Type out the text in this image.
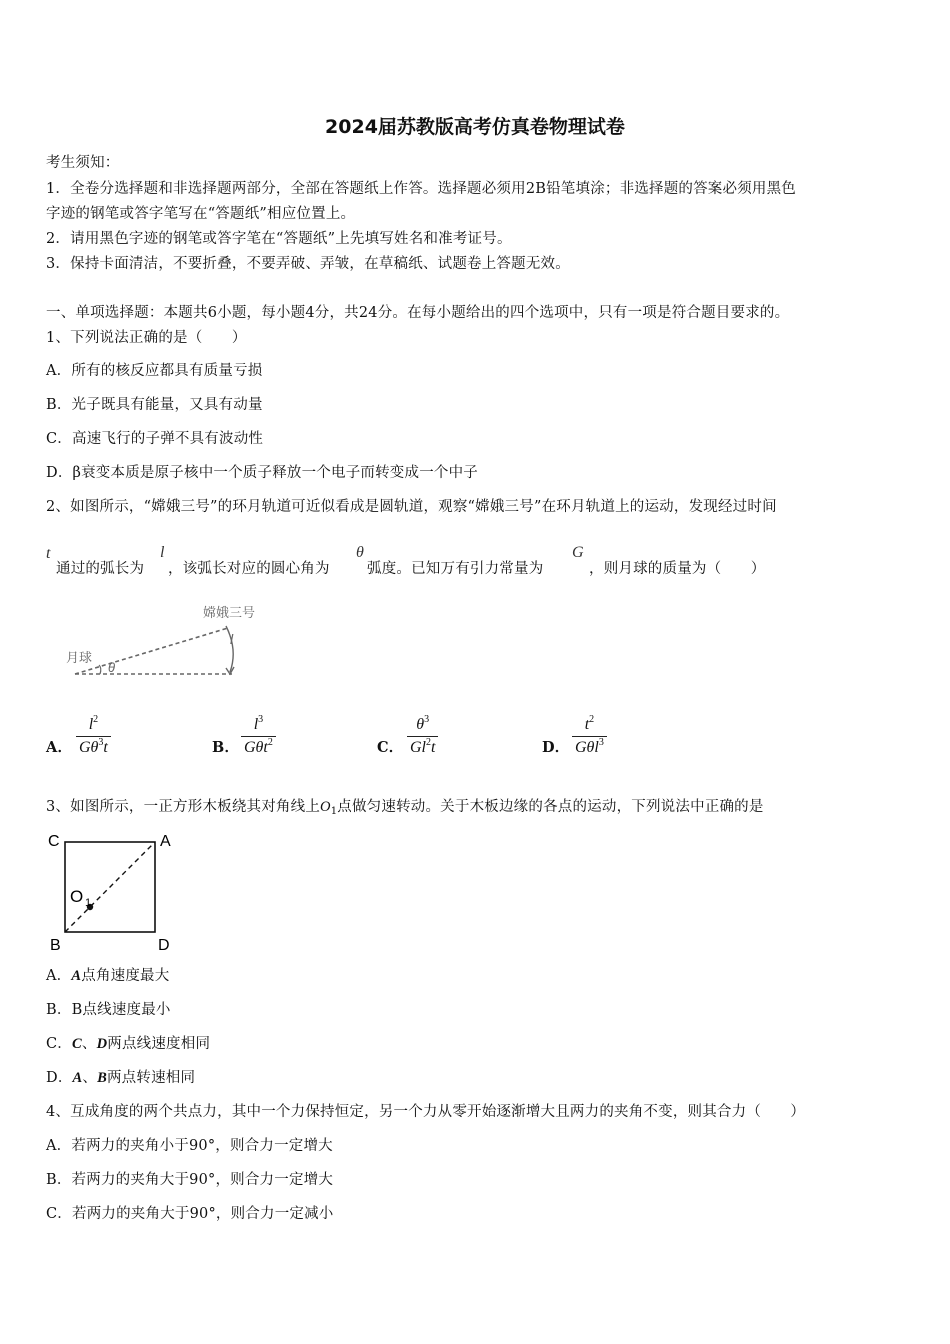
2024届苏教版高考仿真卷物理试卷
考生须知：
1．全卷分选择题和非选择题两部分，全部在答题纸上作答。选择题必须用2B铅笔填涂；非选择题的答案必须用黑色
字迹的钢笔或答字笔写在“答题纸”相应位置上。
2．请用黑色字迹的钢笔或答字笔在“答题纸”上先填写姓名和准考证号。
3．保持卡面清洁，不要折叠，不要弄破、弄皱，在草稿纸、试题卷上答题无效。
一、单项选择题：本题共6小题，每小题4分，共24分。在每小题给出的四个选项中，只有一项是符合题目要求的。
1、下列说法正确的是（　　）
A．所有的核反应都具有质量亏损
B．光子既具有能量，又具有动量
C．高速飞行的子弹不具有波动性
D．β衰变本质是原子核中一个质子释放一个电子而转变成一个中子
2、如图所示，“嫦娥三号”的环月轨道可近似看成是圆轨道，观察“嫦娥三号”在环月轨道上的运动，发现经过时间
t
通过的弧长为
l
，该弧长对应的圆心角为
θ
弧度。已知万有引力常量为
G
，则月球的质量为（　　）
月球
嫦娥三号
θ
l
A． $\frac{l^2}{G\theta^3t}$	B．
$l^3$
Gθt$^2$	C． $\frac{\theta^3}{Gl^2t}$	D．
$t^2$
Gθl$^3$
3、如图所示，一正方形木板绕其对角线上$O_1$点做匀速转动。关于木板边缘的各点的运动，下列说法中正确的是
C	A
B	D
O 1
A．A点角速度最大
B．B点线速度最小
C．C、D两点线速度相同
D．A、B两点转速相同
4、互成角度的两个共点力，其中一个力保持恒定，另一个力从零开始逐渐增大且两力的夹角不变，则其合力（　　）
A．若两力的夹角小于90°，则合力一定增大
B．若两力的夹角大于90°，则合力一定增大
C．若两力的夹角大于90°，则合力一定减小
